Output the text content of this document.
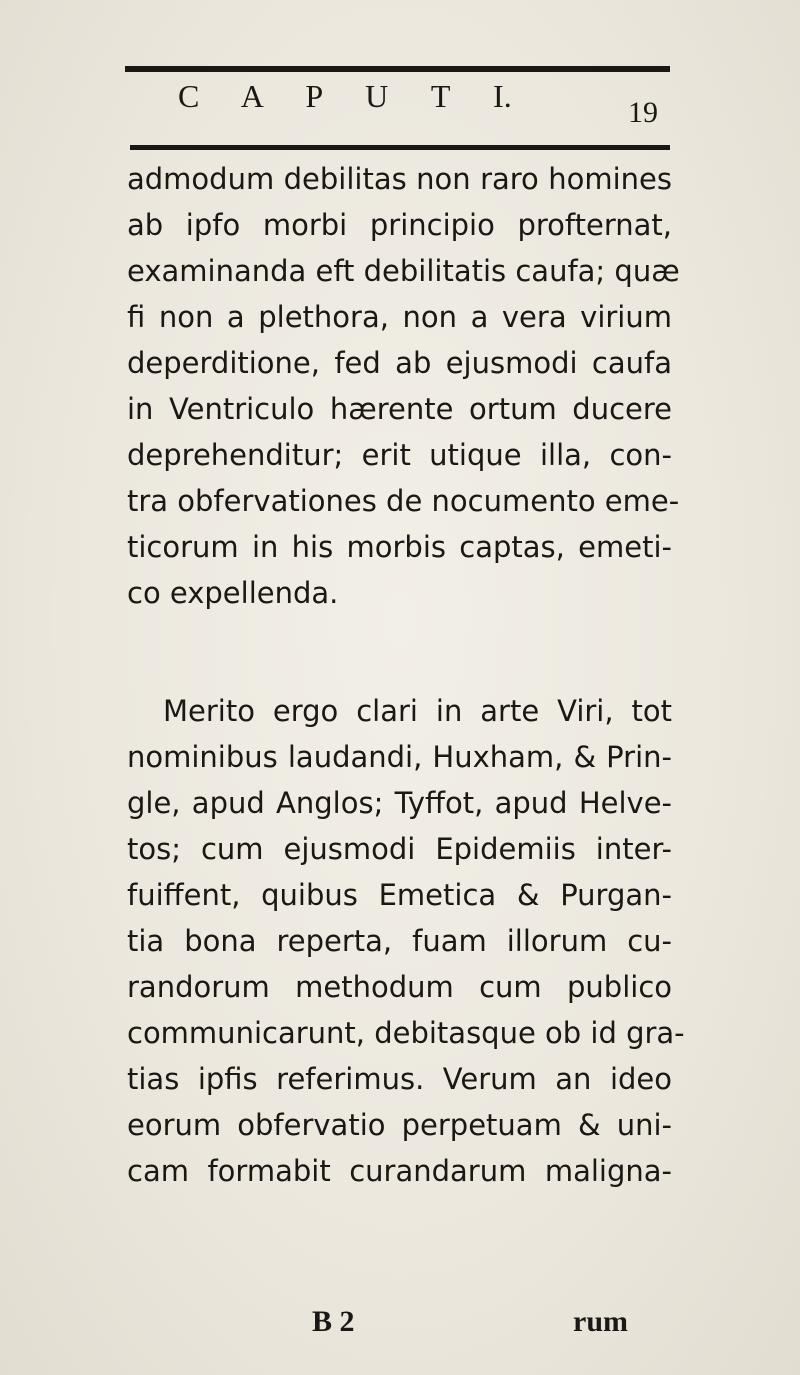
C A P U T I.	19
admodum debilitas non raro homines
ab ipfo morbi principio profternat,
examinanda eft debilitatis caufa; quæ
fi non a plethora, non a vera virium
deperditione, fed ab ejusmodi caufa
in Ventriculo hærente ortum ducere
deprehenditur; erit utique illa, con-
tra obfervationes de nocumento eme-
ticorum in his morbis captas, emeti-
co expellenda.
Merito ergo clari in arte Viri, tot
nominibus laudandi, Huxham, & Prin-
gle, apud Anglos; Tyffot, apud Helve-
tos; cum ejusmodi Epidemiis inter-
fuiffent, quibus Emetica & Purgan-
tia bona reperta, fuam illorum cu-
randorum methodum cum publico
communicarunt, debitasque ob id gra-
tias ipfis referimus. Verum an ideo
eorum obfervatio perpetuam & uni-
cam formabit curandarum maligna-
B 2	rum
